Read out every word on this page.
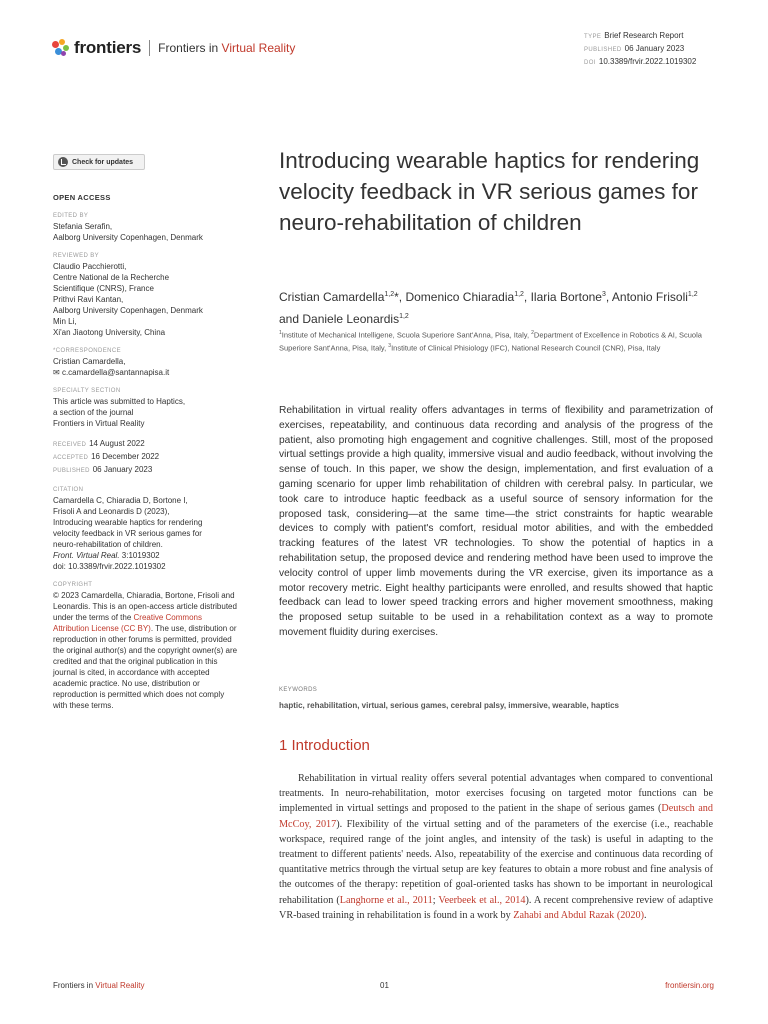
frontiers Frontiers in Virtual Reality
TYPE Brief Research Report
PUBLISHED 06 January 2023
DOI 10.3389/frvir.2022.1019302
Check for updates
OPEN ACCESS
EDITED BY
Stefania Serafin,
Aalborg University Copenhagen, Denmark
REVIEWED BY
Claudio Pacchierotti,
Centre National de la Recherche
Scientifique (CNRS), France
Prithvi Ravi Kantan,
Aalborg University Copenhagen, Denmark
Min Li,
Xi'an Jiaotong University, China
*CORRESPONDENCE
Cristian Camardella,
✉ c.camardella@santannapisa.it
SPECIALTY SECTION
This article was submitted to Haptics,
a section of the journal
Frontiers in Virtual Reality
RECEIVED 14 August 2022
ACCEPTED 16 December 2022
PUBLISHED 06 January 2023
CITATION
Camardella C, Chiaradia D, Bortone I,
Frisoli A and Leonardis D (2023),
Introducing wearable haptics for rendering
velocity feedback in VR serious games for
neuro-rehabilitation of children.
Front. Virtual Real. 3:1019302
doi: 10.3389/frvir.2022.1019302
COPYRIGHT
© 2023 Camardella, Chiaradia, Bortone, Frisoli and Leonardis. This is an open-access article distributed under the terms of the Creative Commons Attribution License (CC BY). The use, distribution or reproduction in other forums is permitted, provided the original author(s) and the copyright owner(s) are credited and that the original publication in this journal is cited, in accordance with accepted academic practice. No use, distribution or reproduction is permitted which does not comply with these terms.
Introducing wearable haptics for rendering velocity feedback in VR serious games for neuro-rehabilitation of children
Cristian Camardella$^{1,2}$*, Domenico Chiaradia$^{1,2}$, Ilaria Bortone$^3$, Antonio Frisoli$^{1,2}$ and Daniele Leonardis$^{1,2}$
$^1$Institute of Mechanical Intelligene, Scuola Superiore Sant'Anna, Pisa, Italy, $^2$Department of Excellence in Robotics & AI, Scuola Superiore Sant'Anna, Pisa, Italy, $^3$Institute of Clinical Phisiology (IFC), National Research Council (CNR), Pisa, Italy

Rehabilitation in virtual reality offers advantages in terms of flexibility and parametrization of exercises, repeatability, and continuous data recording and analysis of the progress of the patient, also promoting high engagement and cognitive challenges. Still, most of the proposed virtual settings provide a high quality, immersive visual and audio feedback, without involving the sense of touch. In this paper, we show the design, implementation, and first evaluation of a gaming scenario for upper limb rehabilitation of children with cerebral palsy. In particular, we took care to introduce haptic feedback as a useful source of sensory information for the proposed task, considering—at the same time—the strict constraints for haptic wearable devices to comply with patient's comfort, residual motor abilities, and with the embedded tracking features of the latest VR technologies. To show the potential of haptics in a rehabilitation setup, the proposed device and rendering method have been used to improve the velocity control of upper limb movements during the VR exercise, given its importance as a motor recovery metric. Eight healthy participants were enrolled, and results showed that haptic feedback can lead to lower speed tracking errors and higher movement smoothness, making the proposed setup suitable to be used in a rehabilitation context as a way to promote movement fluidity during exercises.

KEYWORDS
haptic, rehabilitation, virtual, serious games, cerebral palsy, immersive, wearable, haptics
1 Introduction

Rehabilitation in virtual reality offers several potential advantages when compared to conventional treatments. In neuro-rehabilitation, motor exercises focusing on targeted motor functions can be implemented in virtual settings and proposed to the patient in the shape of serious games (Deutsch and McCoy, 2017). Flexibility of the virtual setting and of the parameters of the exercise (i.e., reachable workspace, required range of the joint angles, and intensity of the task) is useful in adapting to the treatment to different patients' needs. Also, repeatability of the exercise and continuous data recording of quantitative metrics through the virtual setup are key features to obtain a more robust and fine analysis of the outcomes of the therapy: repetition of goal-oriented tasks has shown to be important in neurological rehabilitation (Langhorne et al., 2011; Veerbeek et al., 2014). A recent comprehensive review of adaptive VR-based training in rehabilitation is found in a work by Zahabi and Abdul Razak (2020).

Frontiers in Virtual Reality	01	frontiersin.org
